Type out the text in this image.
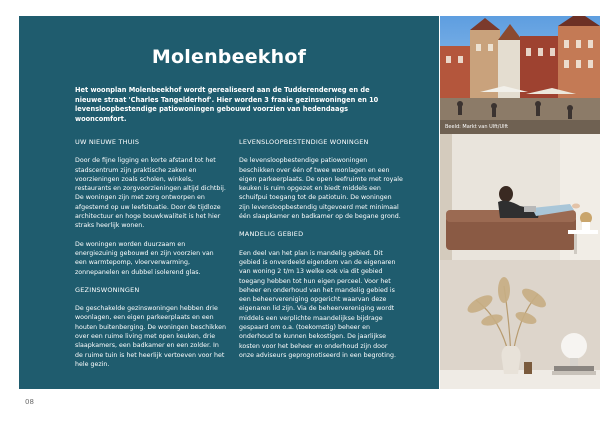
Molenbeekhof
Het woonplan Molenbeekhof wordt gerealiseerd aan de Tudderenderweg en de nieuwe straat 'Charles Tangelderhof'. Hier worden 3 fraaie gezinswoningen en 10 levensloopbestendige patiowoningen gebouwd voorzien van hedendaags wooncomfort.
UW NIEUWE THUIS

Door de fijne ligging en korte afstand tot het stadscentrum zijn praktische zaken en voorzieningen zoals scholen, winkels, restaurants en zorgvoorzieningen altijd dichtbij. De woningen zijn met zorg ontworpen en afgestemd op uw leefsituatie. Door de tijdloze architectuur en hoge bouwkwaliteit is het hier straks heerlijk wonen.

De woningen worden duurzaam en energiezuinig gebouwd en zijn voorzien van een warmtepomp, vloerverwarming, zonnepanelen en dubbel isolerend glas.

GEZINSWONINGEN

De geschakelde gezinswoningen hebben drie woonlagen, een eigen parkeerplaats en een houten buitenberging. De woningen beschikken over een ruime living met open keuken, drie slaapkamers, een badkamer en een zolder. In de ruime tuin is het heerlijk vertoeven voor het hele gezin.

LEVENSLOOPBESTENDIGE WONINGEN

De levensloopbestendige patiowoningen beschikken over één of twee woonlagen en een eigen parkeerplaats. De open leefruimte met royale keuken is ruim opgezet en biedt middels een schuifpui toegang tot de patiotuin. De woningen zijn levensloopbestendig uitgevoerd met minimaal één slaapkamer en badkamer op de begane grond.

MANDELIG GEBIED

Een deel van het plan is mandelig gebied. Dit gebied is onverdeeld eigendom van de eigenaren van woning 2 t/m 13 welke ook via dit gebied toegang hebben tot hun eigen perceel. Voor het beheer en onderhoud van het mandelig gebied is een beheervereniging opgericht waarvan deze eigenaren lid zijn. Via de beheervereniging wordt middels een verplichte maandelijkse bijdrage gespaard om o.a. (toekomstig) beheer en onderhoud te kunnen bekostigen. De jaarlijkse kosten voor het beheer en onderhoud zijn door onze adviseurs geprognotiseerd in een begroting.

Beeld: Markt van Ulft/Ulft
08
